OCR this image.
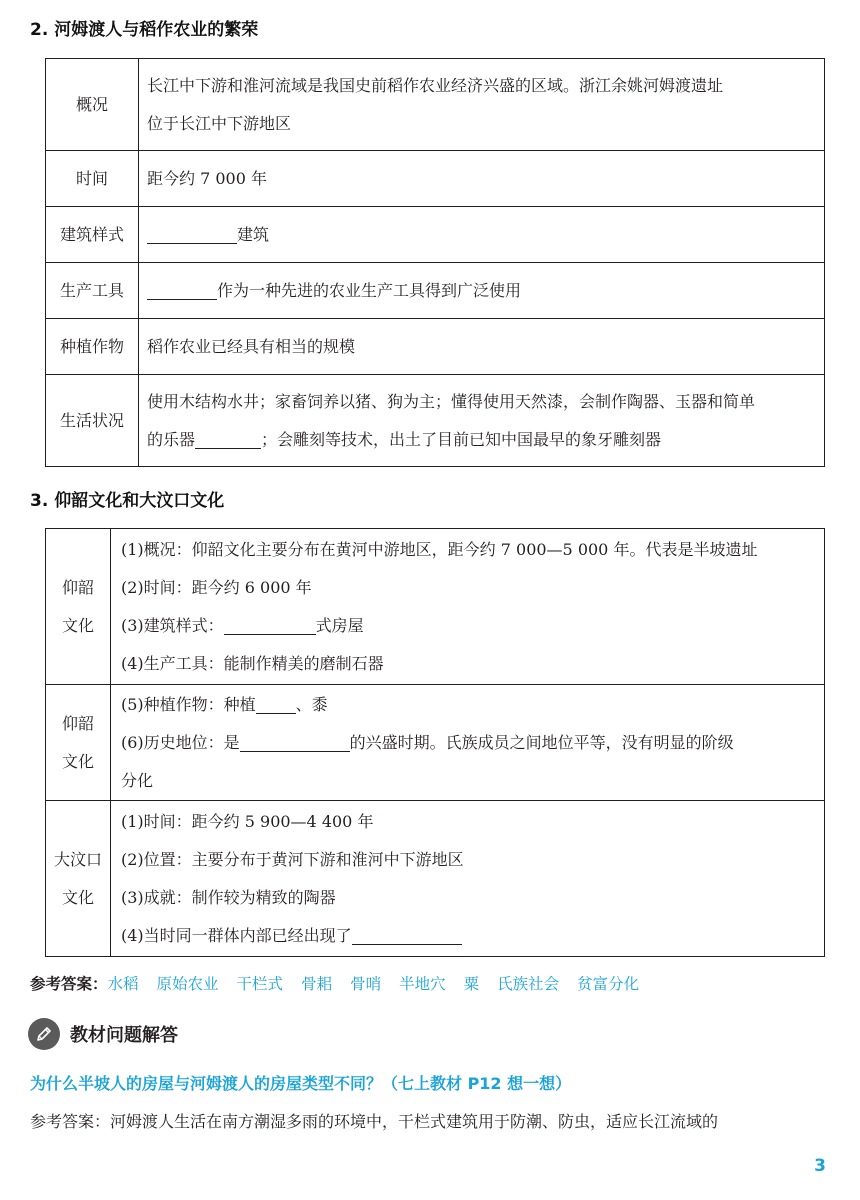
2. 河姆渡人与稻作农业的繁荣
概况	长江中下游和淮河流域是我国史前稻作农业经济兴盛的区域。浙江余姚河姆渡遗址
位于长江中下游地区

时间	距今约 7 000 年
建筑样式	建筑
生产工具	作为一种先进的农业生产工具得到广泛使用
种植作物	稻作农业已经具有相当的规模
生活状况	使用木结构水井；家畜饲养以猪、狗为主；懂得使用天然漆，会制作陶器、玉器和简单
的乐器 ；会雕刻等技术，出土了目前已知中国最早的象牙雕刻器
3. 仰韶文化和大汶口文化
仰韶
文化	(1)概况：仰韶文化主要分布在黄河中游地区，距今约 7 000—5 000 年。代表是半坡遗址
(2)时间：距今约 6 000 年
(3)建筑样式： 式房屋
(4)生产工具：能制作精美的磨制石器

仰韶
文化	(5)种植作物：种植 、黍
(6)历史地位：是 的兴盛时期。氏族成员之间地位平等，没有明显的阶级
分化

大汶口
文化	(1)时间：距今约 5 900—4 400 年
(2)位置：主要分布于黄河下游和淮河中下游地区
(3)成就：制作较为精致的陶器
(4)当时同一群体内部已经出现了
参考答案：水稻 原始农业 干栏式 骨耜 骨哨 半地穴 粟 氏族社会 贫富分化
教材问题解答
为什么半坡人的房屋与河姆渡人的房屋类型不同？（七上教材 P12 想一想）
参考答案：河姆渡人生活在南方潮湿多雨的环境中，干栏式建筑用于防潮、防虫，适应长江流域的
3
